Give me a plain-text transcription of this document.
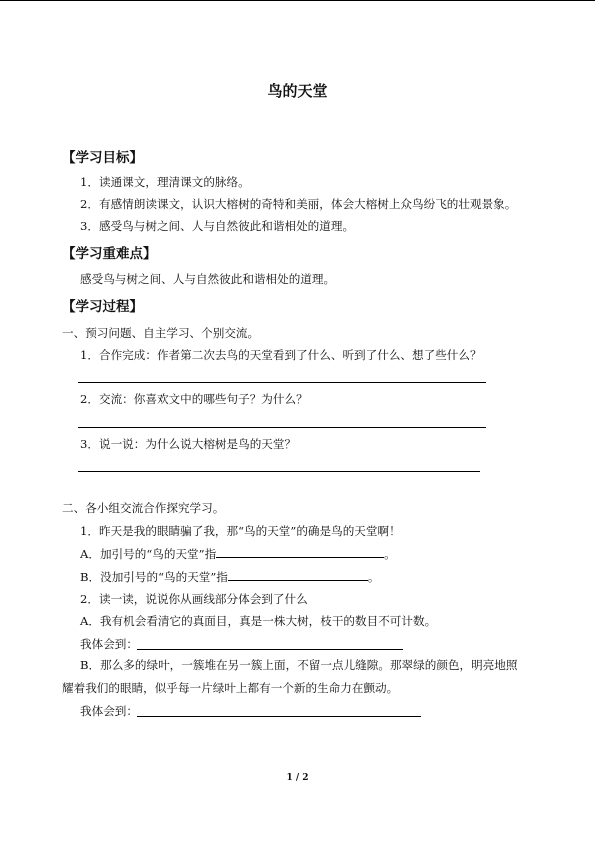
鸟的天堂
【学习目标】
1．读通课文，理清课文的脉络。
2．有感情朗读课文，认识大榕树的奇特和美丽，体会大榕树上众鸟纷飞的壮观景象。
3．感受鸟与树之间、人与自然彼此和谐相处的道理。
【学习重难点】
感受鸟与树之间、人与自然彼此和谐相处的道理。
【学习过程】
一、预习问题、自主学习、个别交流。
1．合作完成：作者第二次去鸟的天堂看到了什么、听到了什么、想了些什么？
2．交流：你喜欢文中的哪些句子？为什么？
3．说一说：为什么说大榕树是鸟的天堂？
二、各小组交流合作探究学习。
1．昨天是我的眼睛骗了我，那“鸟的天堂”的确是鸟的天堂啊！
A．加引号的“鸟的天堂”指	。
B．没加引号的“鸟的天堂”指	。
2．读一读，说说你从画线部分体会到了什么
A．我有机会看清它的真面目，真是一株大树，枝干的数目不可计数。
我体会到：
B．那么多的绿叶，一簇堆在另一簇上面，不留一点儿缝隙。那翠绿的颜色，明亮地照
耀着我们的眼睛，似乎每一片绿叶上都有一个新的生命力在颤动。
我体会到：
1 / 2
